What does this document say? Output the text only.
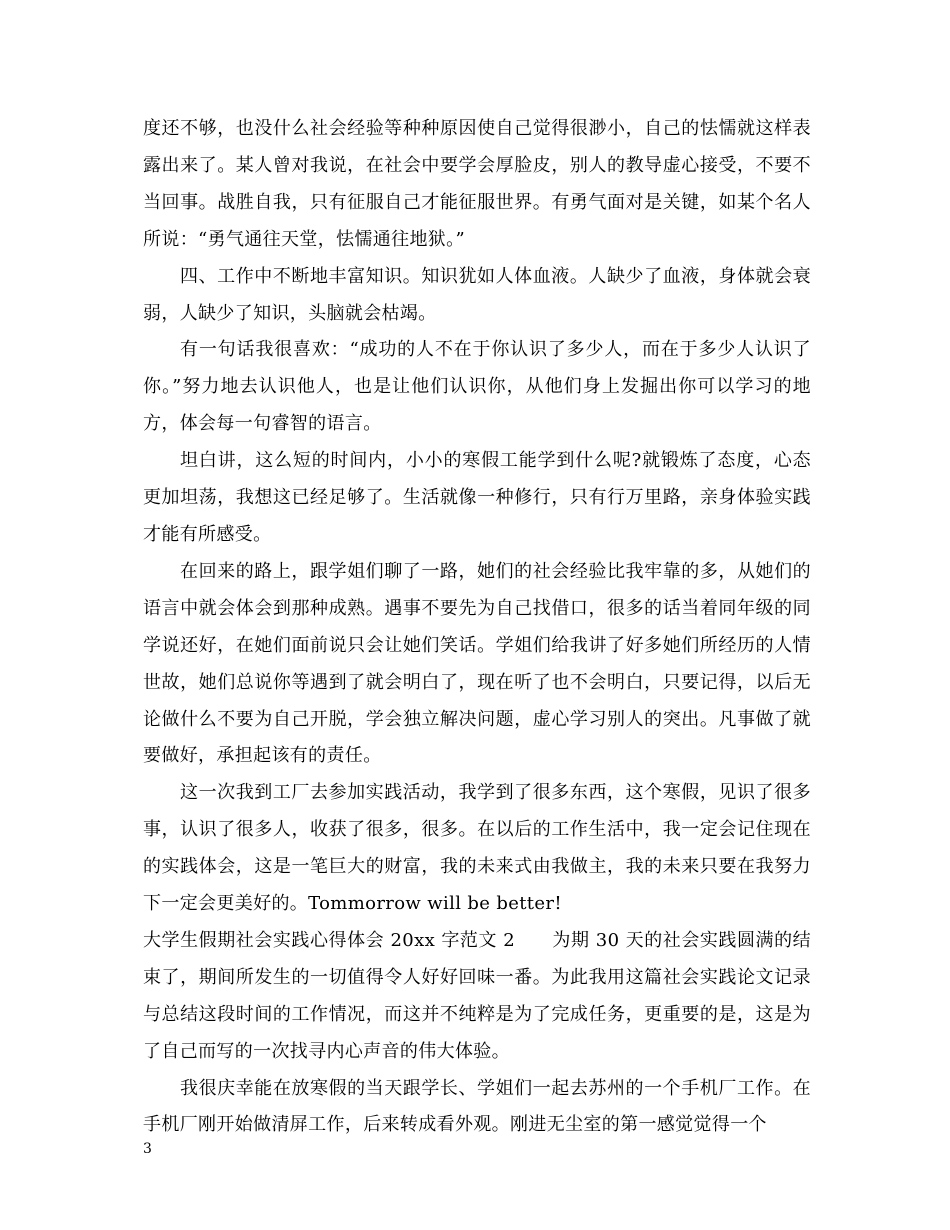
度还不够，也没什么社会经验等种种原因使自己觉得很渺小，自己的怯懦就这样表露出来了。某人曾对我说，在社会中要学会厚脸皮，别人的教导虚心接受，不要不当回事。战胜自我，只有征服自己才能征服世界。有勇气面对是关键，如某个名人所说：“勇气通往天堂，怯懦通往地狱。”

四、工作中不断地丰富知识。知识犹如人体血液。人缺少了血液，身体就会衰弱，人缺少了知识，头脑就会枯竭。

有一句话我很喜欢：“成功的人不在于你认识了多少人，而在于多少人认识了你。”努力地去认识他人，也是让他们认识你，从他们身上发掘出你可以学习的地方，体会每一句睿智的语言。

坦白讲，这么短的时间内，小小的寒假工能学到什么呢?就锻炼了态度，心态更加坦荡，我想这已经足够了。生活就像一种修行，只有行万里路，亲身体验实践才能有所感受。

在回来的路上，跟学姐们聊了一路，她们的社会经验比我牢靠的多，从她们的语言中就会体会到那种成熟。遇事不要先为自己找借口，很多的话当着同年级的同学说还好，在她们面前说只会让她们笑话。学姐们给我讲了好多她们所经历的人情世故，她们总说你等遇到了就会明白了，现在听了也不会明白，只要记得，以后无论做什么不要为自己开脱，学会独立解决问题，虚心学习别人的突出。凡事做了就要做好，承担起该有的责任。

这一次我到工厂去参加实践活动，我学到了很多东西，这个寒假，见识了很多事，认识了很多人，收获了很多，很多。在以后的工作生活中，我一定会记住现在的实践体会，这是一笔巨大的财富，我的未来式由我做主，我的未来只要在我努力下一定会更美好的。Tommorrow will be better!

大学生假期社会实践心得体会 20xx 字范文 2　　为期 30 天的社会实践圆满的结束了，期间所发生的一切值得令人好好回味一番。为此我用这篇社会实践论文记录与总结这段时间的工作情况，而这并不纯粹是为了完成任务，更重要的是，这是为了自己而写的一次找寻内心声音的伟大体验。

我很庆幸能在放寒假的当天跟学长、学姐们一起去苏州的一个手机厂工作。在手机厂刚开始做清屏工作，后来转成看外观。刚进无尘室的第一感觉觉得一个

3
